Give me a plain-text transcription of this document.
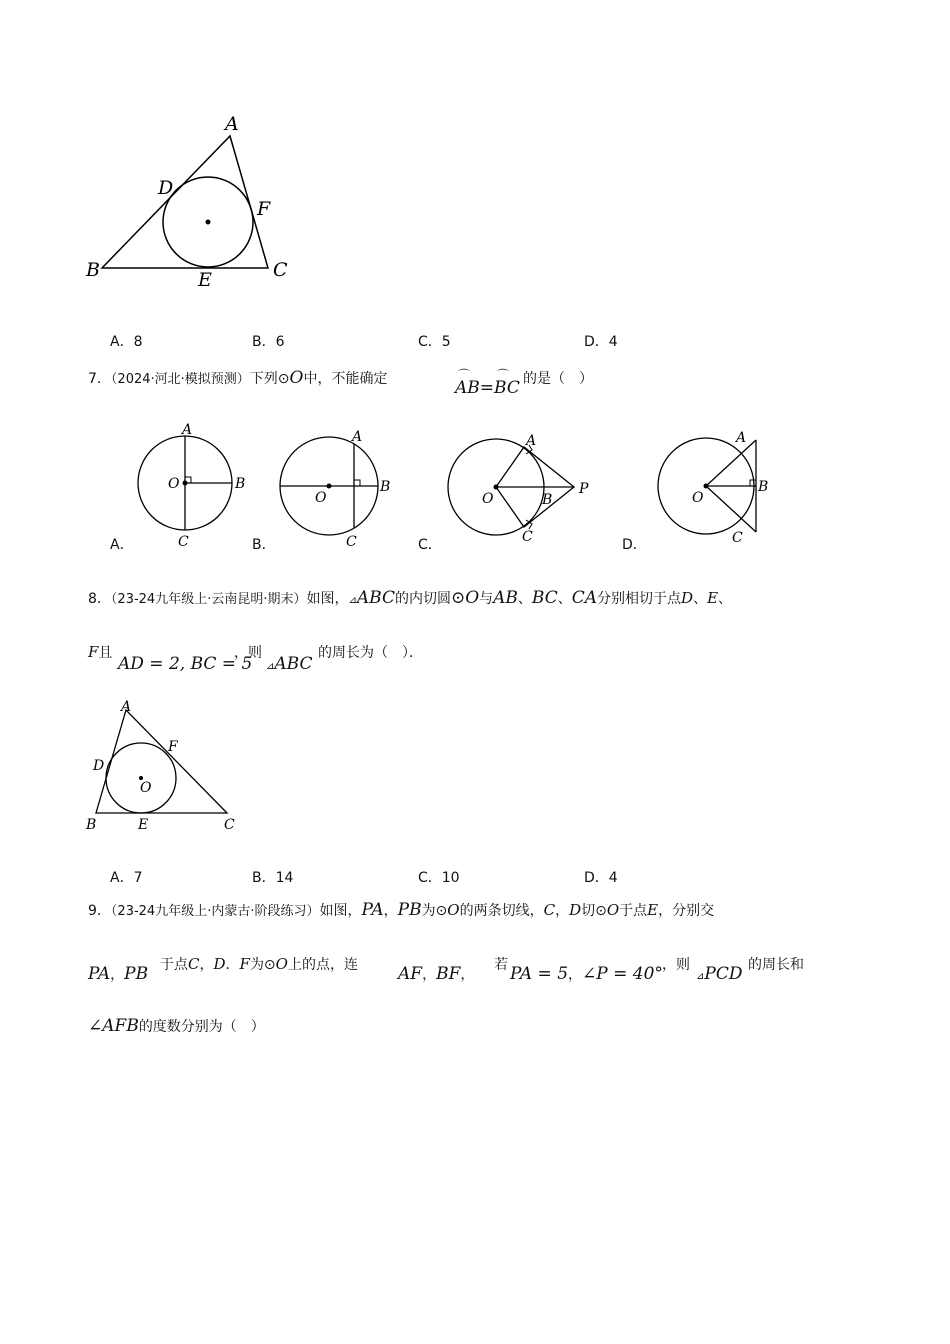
A
D
F
B	E	C
A．8	B．6	C．5	D．4
7．（2024·河北·模拟预测）下列⊙O中，不能确定	⌒
AB=
⌒
BC 的是（　）
A
O	B
C
A
O
B
C
A
O	B
P
C
A
O
B
C
A．	B．	C．	D．
8．（23-24九年级上·云南昆明·期末）如图，⊿ABC的内切圆⊙O与AB、BC、CA分别相切于点D、E、
F且
AD = 2, BC = 5
，则
⊿ABC
的周长为（　）．
A
F
D
O
B	E	C
A．7	B．14	C．10	D．4
9．（23-24九年级上·内蒙古·阶段练习）如图，PA，PB为⊙O的两条切线，C，D切⊙O于点E，分别交
PA，PB 于点C，D．F为⊙O上的点，连 AF，BF，
若 PA = 5，∠P = 40° ，则
⊿PCD 的周长和
∠AFB的度数分别为（　）
